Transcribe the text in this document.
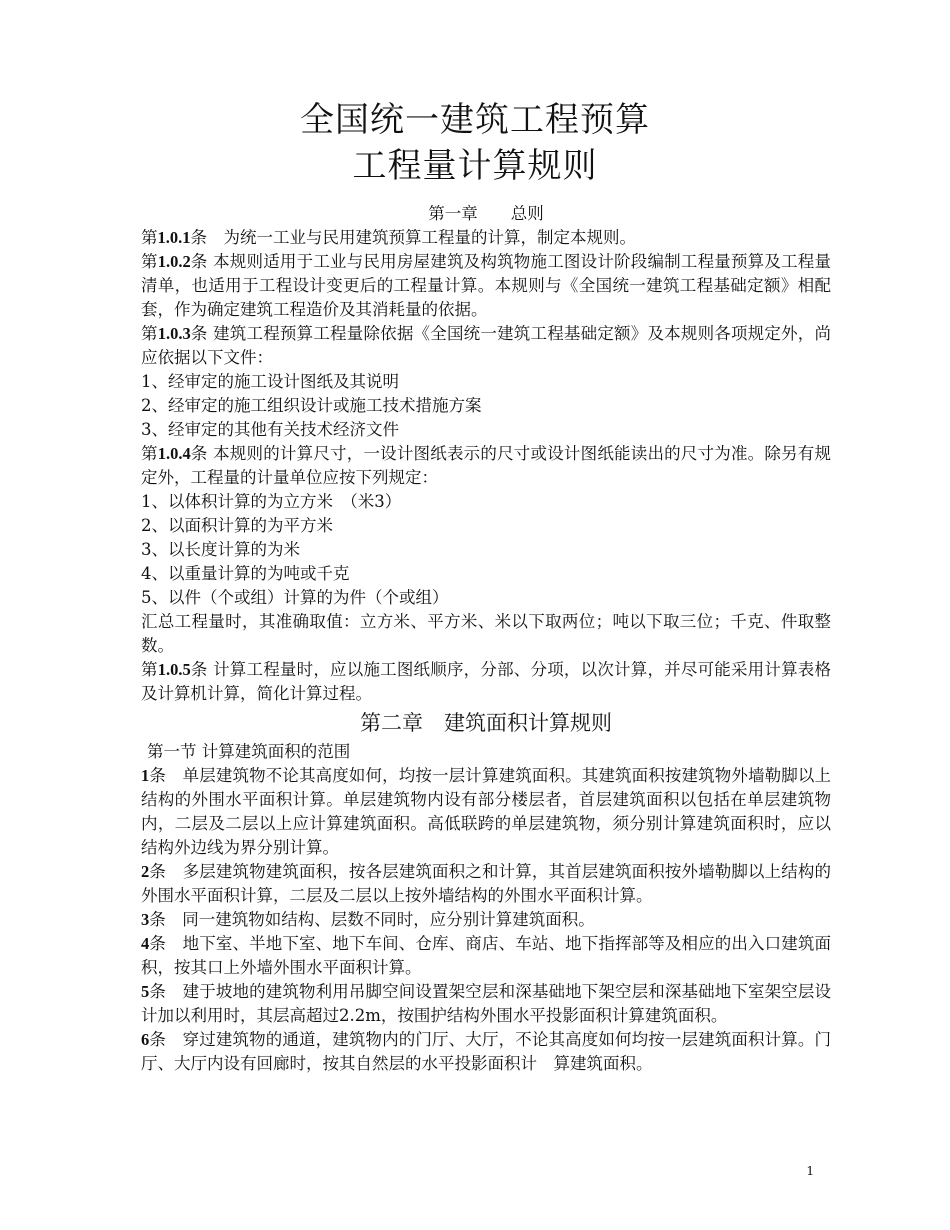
全国统一建筑工程预算
工程量计算规则

第一章　　 总则

第1.0.1条　为统一工业与民用建筑预算工程量的计算，制定本规则。

第1.0.2条 本规则适用于工业与民用房屋建筑及构筑物施工图设计阶段编制工程量预算及工程量清单，也适用于工程设计变更后的工程量计算。本规则与《全国统一建筑工程基础定额》相配套，作为确定建筑工程造价及其消耗量的依据。

第1.0.3条 建筑工程预算工程量除依据《全国统一建筑工程基础定额》及本规则各项规定外，尚应依据以下文件：

1、经审定的施工设计图纸及其说明

2、经审定的施工组织设计或施工技术措施方案

3、经审定的其他有关技术经济文件

第1.0.4条 本规则的计算尺寸，一设计图纸表示的尺寸或设计图纸能读出的尺寸为准。除另有规定外，工程量的计量单位应按下列规定：

1、以体积计算的为立方米　（米3）

2、以面积计算的为平方米

3、以长度计算的为米

4、以重量计算的为吨或千克

5、以件（个或组）计算的为件（个或组）

汇总工程量时，其准确取值：立方米、平方米、米以下取两位；吨以下取三位；千克、件取整数。

第1.0.5条 计算工程量时，应以施工图纸顺序，分部、分项，以次计算，并尽可能采用计算表格及计算机计算，简化计算过程。

第二章　建筑面积计算规则

第一节 计算建筑面积的范围

1条　单层建筑物不论其高度如何，均按一层计算建筑面积。其建筑面积按建筑物外墙勒脚以上结构的外围水平面积计算。单层建筑物内设有部分楼层者，首层建筑面积以包括在单层建筑物内，二层及二层以上应计算建筑面积。高低联跨的单层建筑物，须分别计算建筑面积时，应以结构外边线为界分别计算。

2条　多层建筑物建筑面积，按各层建筑面积之和计算，其首层建筑面积按外墙勒脚以上结构的外围水平面积计算，二层及二层以上按外墙结构的外围水平面积计算。

3条　同一建筑物如结构、层数不同时，应分别计算建筑面积。

4条　地下室、半地下室、地下车间、仓库、商店、车站、地下指挥部等及相应的出入口建筑面积，按其口上外墙外围水平面积计算。

5条　建于坡地的建筑物利用吊脚空间设置架空层和深基础地下架空层和深基础地下室架空层设计加以利用时，其层高超过2.2m，按围护结构外围水平投影面积计算建筑面积。

6条　穿过建筑物的通道，建筑物内的门厅、大厅，不论其高度如何均按一层建筑面积计算。门厅、大厅内设有回廊时，按其自然层的水平投影面积计　算建筑面积。

1
